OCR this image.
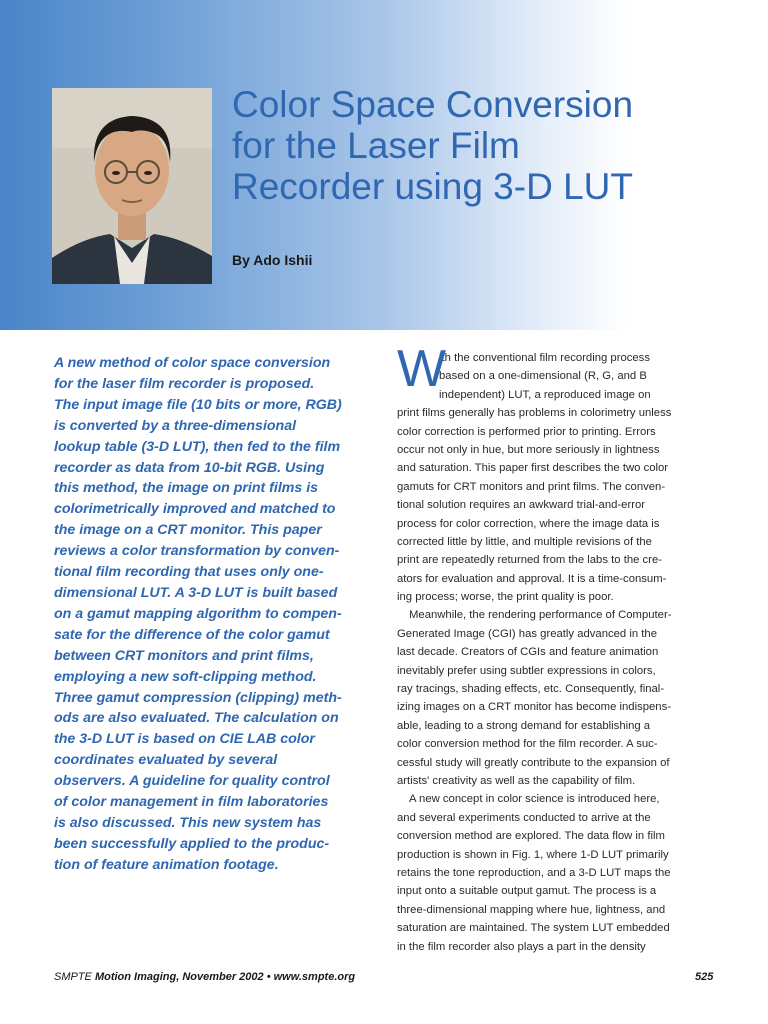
Color Space Conversion
for the Laser Film
Recorder using 3-D LUT
By Ado Ishii
A new method of color space conversion
for the laser film recorder is proposed.
The input image file (10 bits or more, RGB)
is converted by a three-dimensional
lookup table (3-D LUT), then fed to the film
recorder as data from 10-bit RGB. Using
this method, the image on print films is
colorimetrically improved and matched to
the image on a CRT monitor. This paper
reviews a color transformation by conven-
tional film recording that uses only one-
dimensional LUT. A 3-D LUT is built based
on a gamut mapping algorithm to compen-
sate for the difference of the color gamut
between CRT monitors and print films,
employing a new soft-clipping method.
Three gamut compression (clipping) meth-
ods are also evaluated. The calculation on
the 3-D LUT is based on CIE LAB color
coordinates evaluated by several
observers. A guideline for quality control
of color management in film laboratories
is also discussed. This new system has
been successfully applied to the produc-
tion of feature animation footage.
W
ith the conventional film recording process
based on a one-dimensional (R, G, and B
independent) LUT, a reproduced image on
print films generally has problems in colorimetry unless
color correction is performed prior to printing. Errors
occur not only in hue, but more seriously in lightness
and saturation. This paper first describes the two color
gamuts for CRT monitors and print films. The conven-
tional solution requires an awkward trial-and-error
process for color correction, where the image data is
corrected little by little, and multiple revisions of the
print are repeatedly returned from the labs to the cre-
ators for evaluation and approval. It is a time-consum-
ing process; worse, the print quality is poor.
Meanwhile, the rendering performance of Computer-
Generated Image (CGI) has greatly advanced in the
last decade. Creators of CGIs and feature animation
inevitably prefer using subtler expressions in colors,
ray tracings, shading effects, etc. Consequently, final-
izing images on a CRT monitor has become indispens-
able, leading to a strong demand for establishing a
color conversion method for the film recorder. A suc-
cessful study will greatly contribute to the expansion of
artists' creativity as well as the capability of film.
A new concept in color science is introduced here,
and several experiments conducted to arrive at the
conversion method are explored. The data flow in film
production is shown in Fig. 1, where 1-D LUT primarily
retains the tone reproduction, and a 3-D LUT maps the
input onto a suitable output gamut. The process is a
three-dimensional mapping where hue, lightness, and
saturation are maintained. The system LUT embedded
in the film recorder also plays a part in the density
SMPTE Motion Imaging, November 2002 • www.smpte.org	525
